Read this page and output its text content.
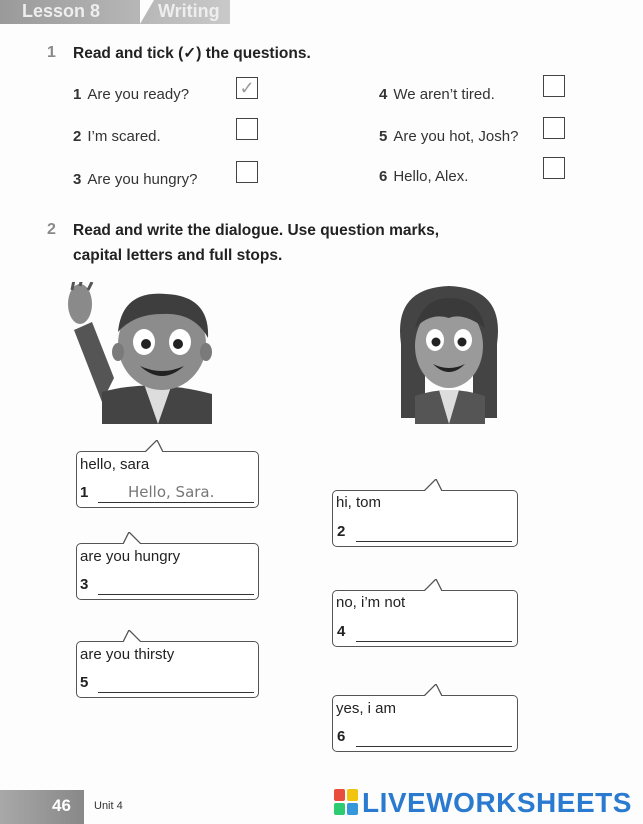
Lesson 8	Writing
1 Read and tick (✓) the questions.
1 Are you ready?	✓
2 I’m scared.
3 Are you hungry?
4 We aren’t tired.
5 Are you hot, Josh?
6 Hello, Alex.
2 Read and write the dialogue. Use question marks,
capital letters and full stops.
hello, sara
1	Hello, Sara.
hi, tom
2
are you hungry
3
no, i’m not
4
are you thirsty
5
yes, i am
6
46 Unit 4	LIVEWORKSHEETS
